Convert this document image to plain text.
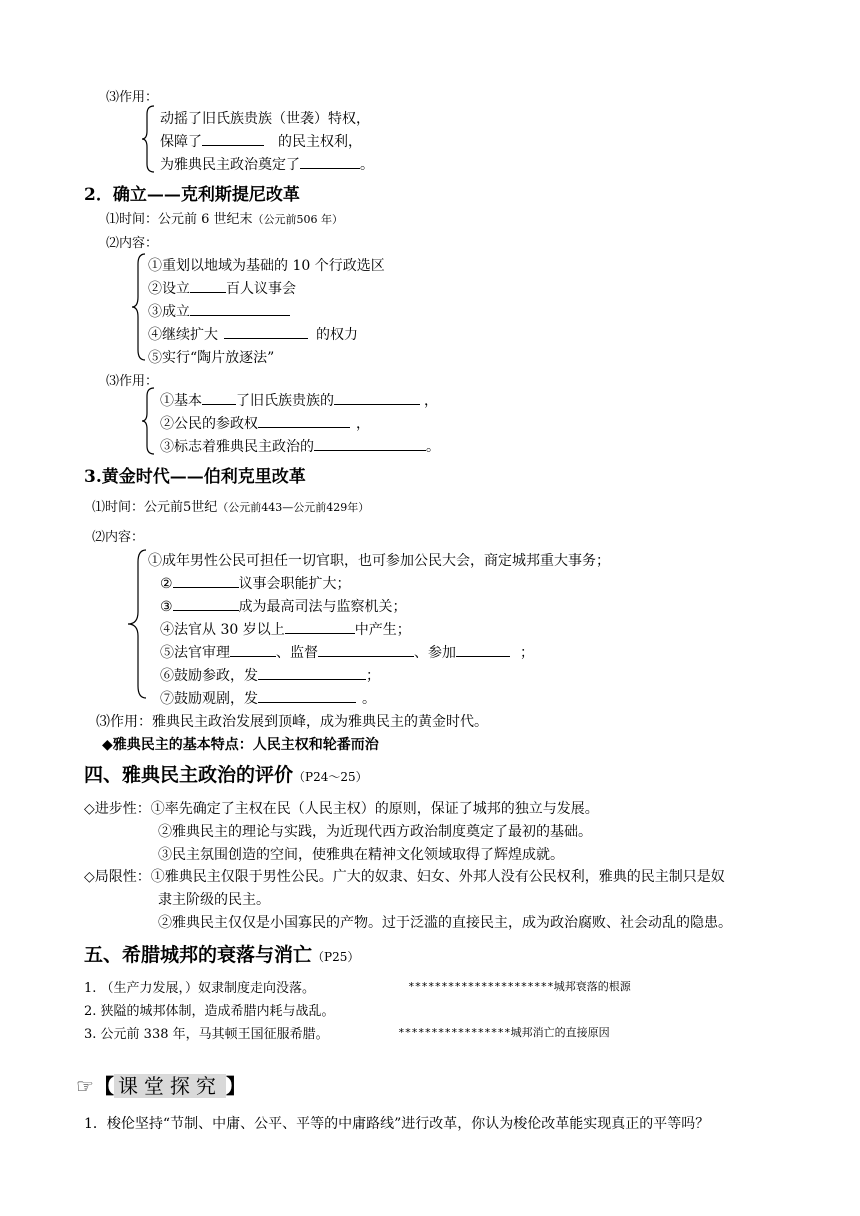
⑶作用：
动摇了旧氏族贵族（世袭）特权，
保障了	的民主权利，
为雅典民主政治奠定了	。
2．确立——克利斯提尼改革
⑴时间：公元前 6 世纪末（公元前506 年）
⑵内容：
①重划以地域为基础的 10 个行政选区
②设立	百人议事会
③成立
④继续扩大	的权力
⑤实行“陶片放逐法”
⑶作用：
①基本 了旧氏族贵族的	，
②公民的参政权	，
③标志着雅典民主政治的	。
3.黄金时代——伯利克里改革
⑴时间：公元前5世纪（公元前443—公元前429年）
⑵内容：
①成年男性公民可担任一切官职，也可参加公民大会，商定城邦重大事务；
②	议事会职能扩大；
③	成为最高司法与监察机关；
④法官从 30 岁以上	中产生；
⑤法官审理	、监督	、参加	；
⑥鼓励参政，发	；
⑦鼓励观剧，发	。
⑶作用：雅典民主政治发展到顶峰，成为雅典民主的黄金时代。
◆雅典民主的基本特点：人民主权和轮番而治
四、雅典民主政治的评价（P24～25）
◇进步性：①率先确定了主权在民（人民主权）的原则，保证了城邦的独立与发展。
②雅典民主的理论与实践，为近现代西方政治制度奠定了最初的基础。
③民主氛围创造的空间，使雅典在精神文化领域取得了辉煌成就。
◇局限性：①雅典民主仅限于男性公民。广大的奴隶、妇女、外邦人没有公民权利，雅典的民主制只是奴
隶主阶级的民主。
②雅典民主仅仅是小国寡民的产物。过于泛滥的直接民主，成为政治腐败、社会动乱的隐患。
五、希腊城邦的衰落与消亡（P25）
1. （生产力发展，）奴隶制度走向没落。	**********************城邦衰落的根源
2. 狭隘的城邦体制，造成希腊内耗与战乱。
3. 公元前 338 年，马其顿王国征服希腊。	*****************城邦消亡的直接原因
☞【 课堂探究 】
1．梭伦坚持“节制、中庸、公平、平等的中庸路线”进行改革，你认为梭伦改革能实现真正的平等吗？
